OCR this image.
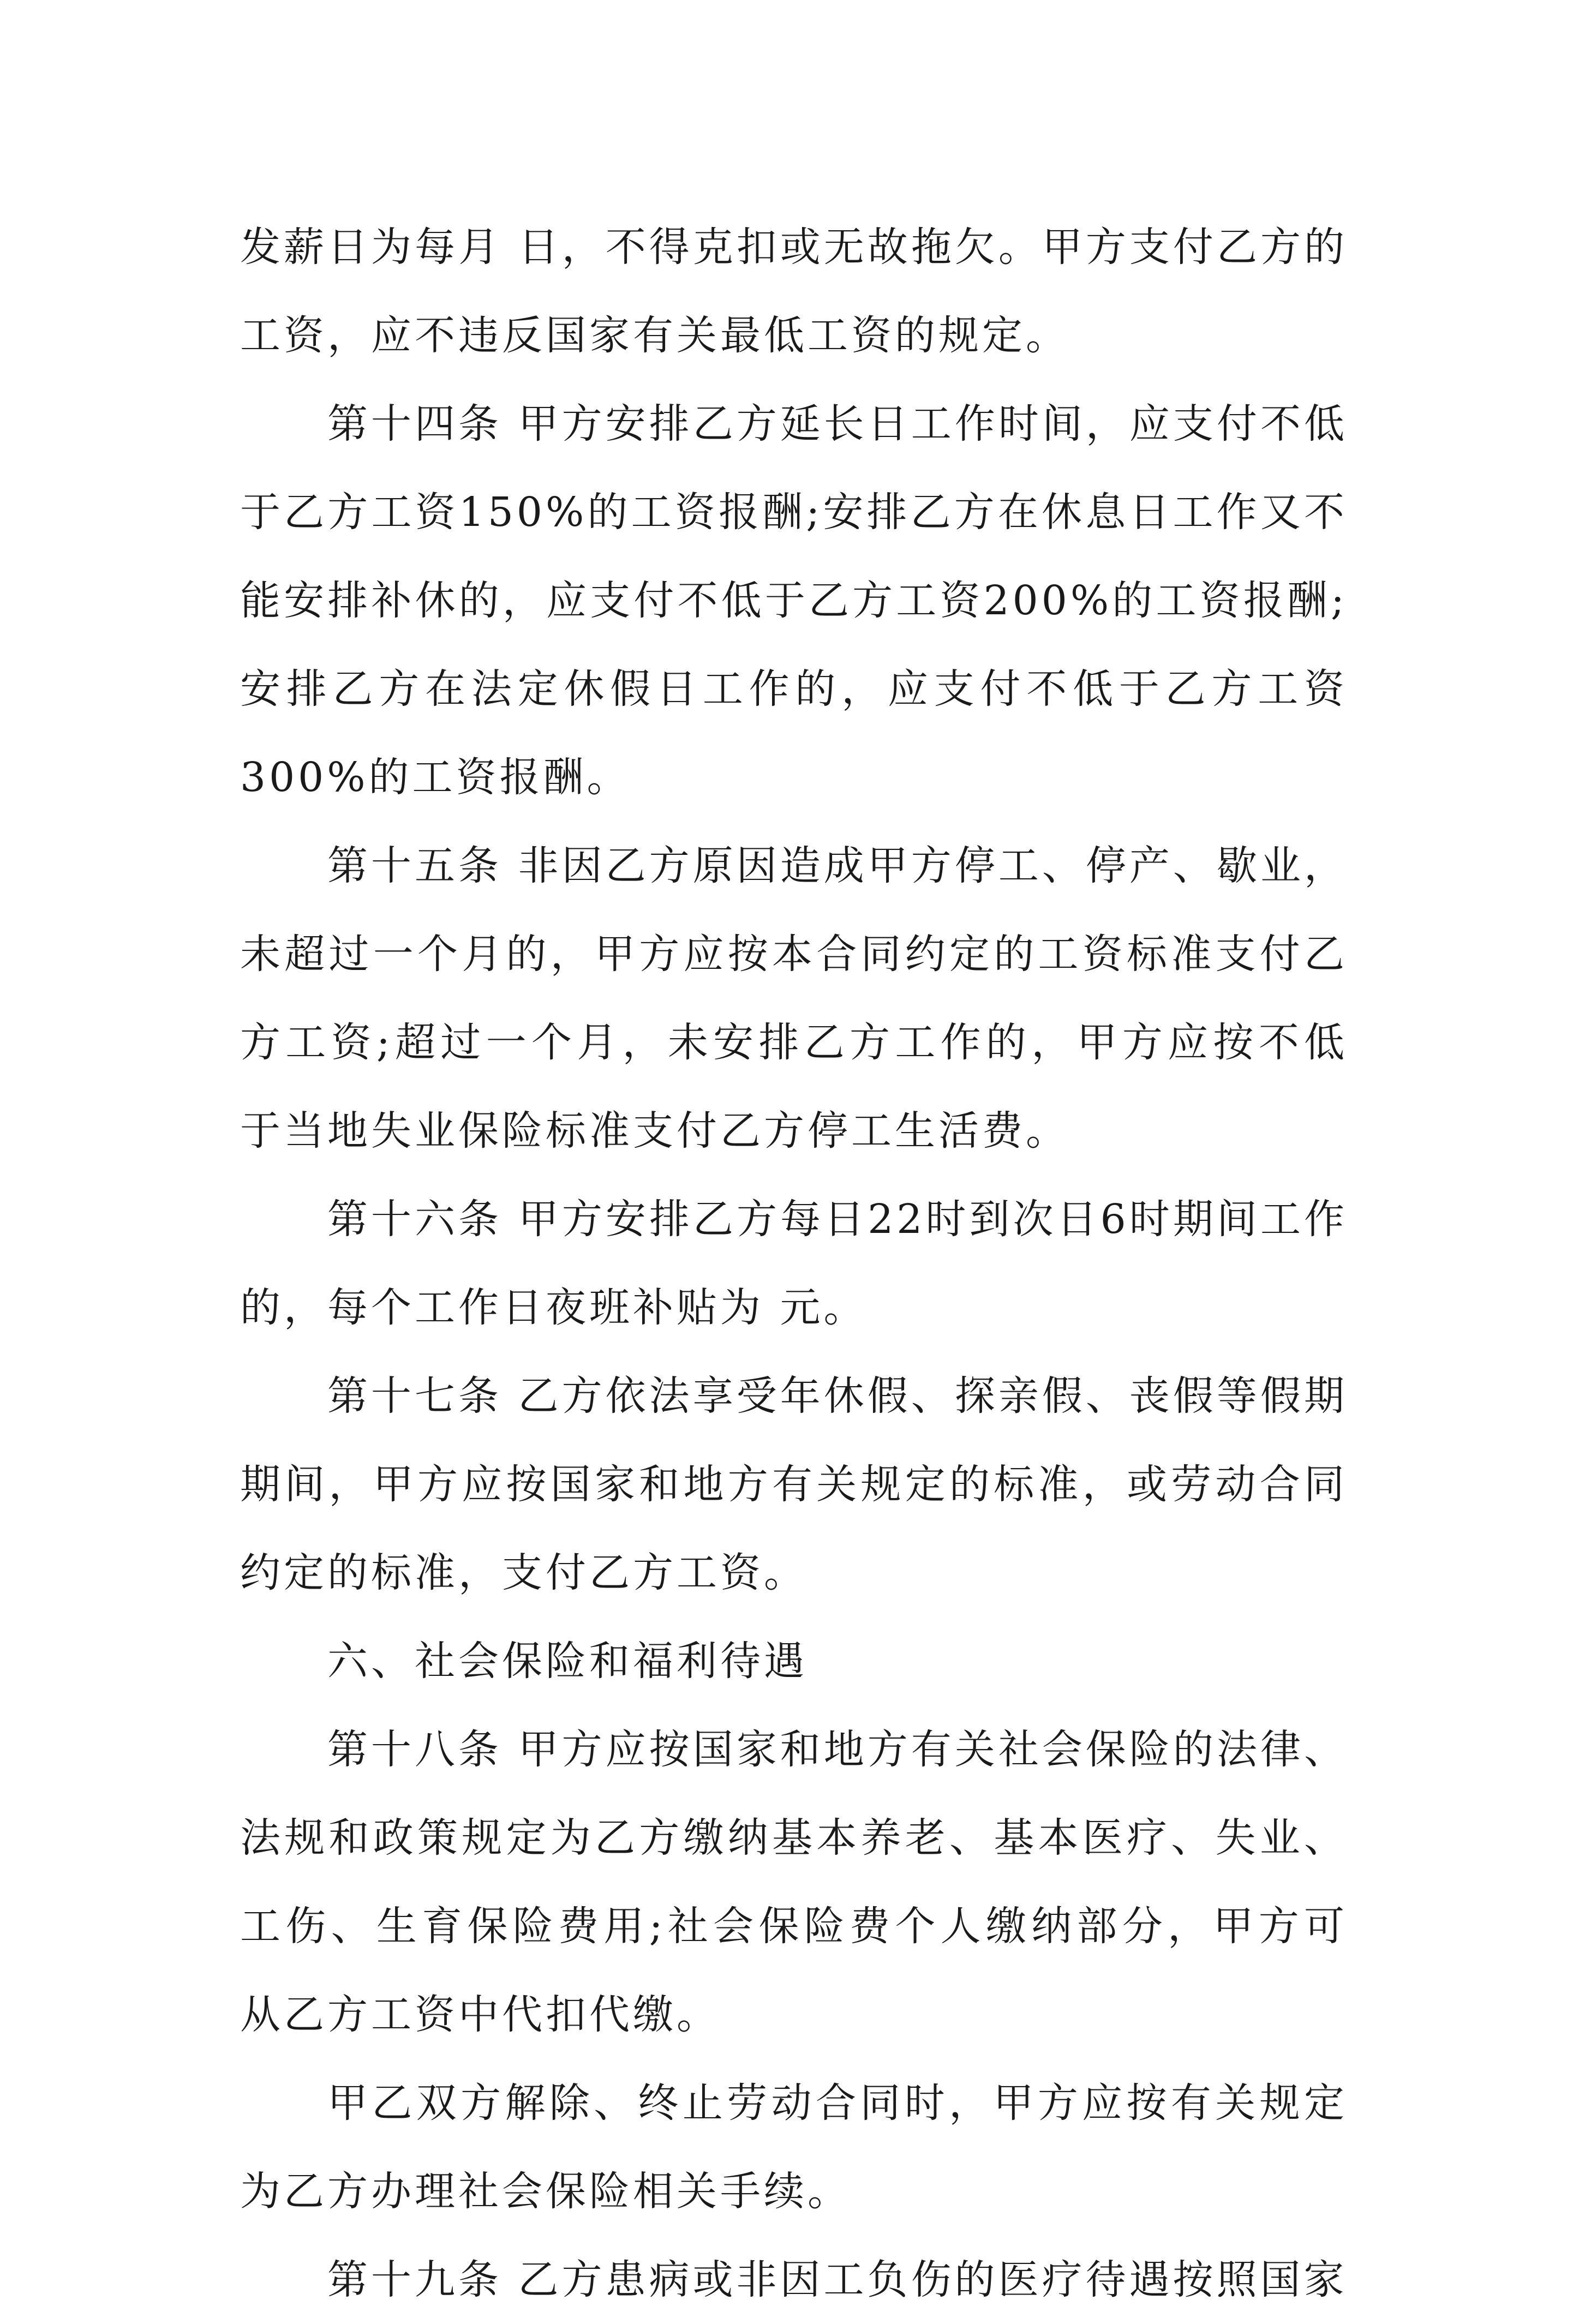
发薪日为每月 日，不得克扣或无故拖欠。甲方支付乙方的工资，应不违反国家有关最低工资的规定。

第十四条 甲方安排乙方延长日工作时间，应支付不低于乙方工资150%的工资报酬;安排乙方在休息日工作又不能安排补休的，应支付不低于乙方工资200%的工资报酬;安排乙方在法定休假日工作的，应支付不低于乙方工资300%的工资报酬。

第十五条 非因乙方原因造成甲方停工、停产、歇业，未超过一个月的，甲方应按本合同约定的工资标准支付乙方工资;超过一个月，未安排乙方工作的，甲方应按不低于当地失业保险标准支付乙方停工生活费。

第十六条 甲方安排乙方每日22时到次日6时期间工作的，每个工作日夜班补贴为 元。

第十七条 乙方依法享受年休假、探亲假、丧假等假期期间，甲方应按国家和地方有关规定的标准，或劳动合同约定的标准，支付乙方工资。

六、社会保险和福利待遇

第十八条 甲方应按国家和地方有关社会保险的法律、法规和政策规定为乙方缴纳基本养老、基本医疗、失业、工伤、生育保险费用;社会保险费个人缴纳部分，甲方可从乙方工资中代扣代缴。

甲乙双方解除、终止劳动合同时，甲方应按有关规定为乙方办理社会保险相关手续。

第十九条 乙方患病或非因工负伤的医疗待遇按照国家
